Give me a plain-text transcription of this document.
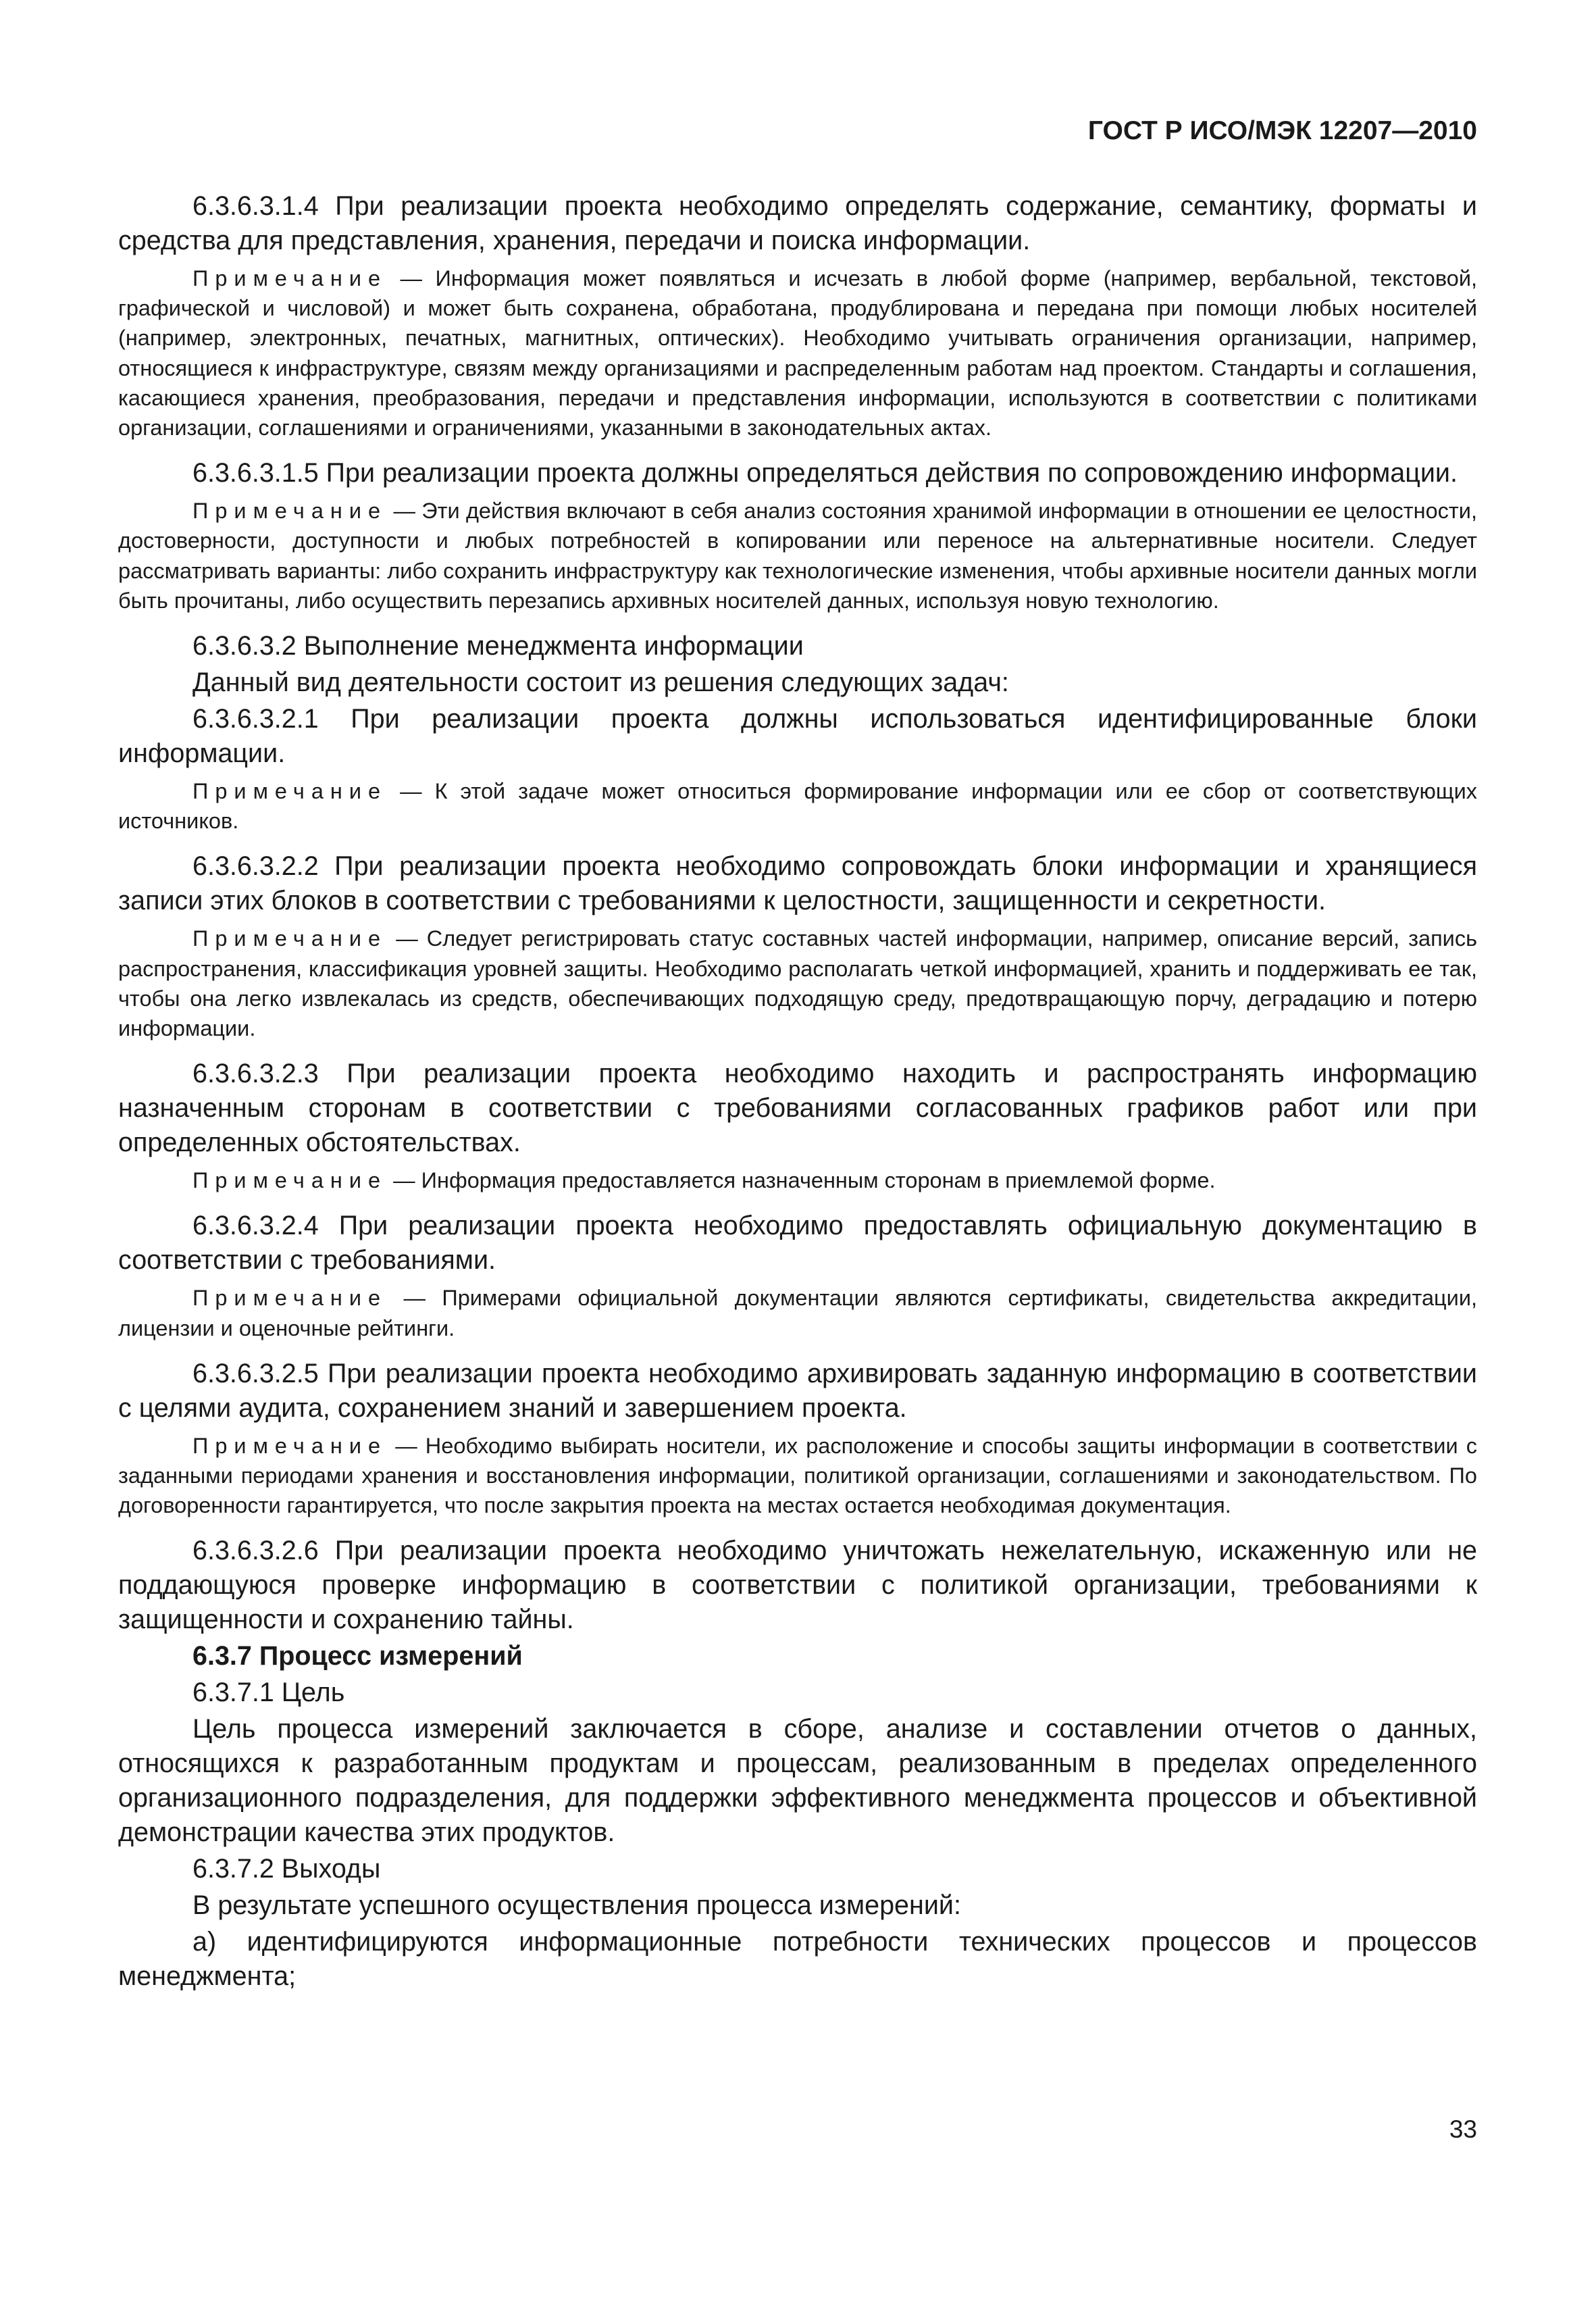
ГОСТ Р ИСО/МЭК 12207—2010

6.3.6.3.1.4 При реализации проекта необходимо определять содержание, семантику, форматы и средства для представления, хранения, передачи и поиска информации.

Примечание — Информация может появляться и исчезать в любой форме (например, вербальной, текстовой, графической и числовой) и может быть сохранена, обработана, продублирована и передана при помощи любых носителей (например, электронных, печатных, магнитных, оптических). Необходимо учитывать ограничения организации, например, относящиеся к инфраструктуре, связям между организациями и распределенным работам над проектом. Стандарты и соглашения, касающиеся хранения, преобразования, передачи и представления информации, используются в соответствии с политиками организации, соглашениями и ограничениями, указанными в законодательных актах.

6.3.6.3.1.5 При реализации проекта должны определяться действия по сопровождению информации.

Примечание — Эти действия включают в себя анализ состояния хранимой информации в отношении ее целостности, достоверности, доступности и любых потребностей в копировании или переносе на альтернативные носители. Следует рассматривать варианты: либо сохранить инфраструктуру как технологические изменения, чтобы архивные носители данных могли быть прочитаны, либо осуществить перезапись архивных носителей данных, используя новую технологию.

6.3.6.3.2 Выполнение менеджмента информации

Данный вид деятельности состоит из решения следующих задач:

6.3.6.3.2.1 При реализации проекта должны использоваться идентифицированные блоки информации.

Примечание — К этой задаче может относиться формирование информации или ее сбор от соответствующих источников.

6.3.6.3.2.2 При реализации проекта необходимо сопровождать блоки информации и хранящиеся записи этих блоков в соответствии с требованиями к целостности, защищенности и секретности.

Примечание — Следует регистрировать статус составных частей информации, например, описание версий, запись распространения, классификация уровней защиты. Необходимо располагать четкой информацией, хранить и поддерживать ее так, чтобы она легко извлекалась из средств, обеспечивающих подходящую среду, предотвращающую порчу, деградацию и потерю информации.

6.3.6.3.2.3 При реализации проекта необходимо находить и распространять информацию назначенным сторонам в соответствии с требованиями согласованных графиков работ или при определенных обстоятельствах.

Примечание — Информация предоставляется назначенным сторонам в приемлемой форме.

6.3.6.3.2.4 При реализации проекта необходимо предоставлять официальную документацию в соответствии с требованиями.

Примечание — Примерами официальной документации являются сертификаты, свидетельства аккредитации, лицензии и оценочные рейтинги.

6.3.6.3.2.5 При реализации проекта необходимо архивировать заданную информацию в соответствии с целями аудита, сохранением знаний и завершением проекта.

Примечание — Необходимо выбирать носители, их расположение и способы защиты информации в соответствии с заданными периодами хранения и восстановления информации, политикой организации, соглашениями и законодательством. По договоренности гарантируется, что после закрытия проекта на местах остается необходимая документация.

6.3.6.3.2.6 При реализации проекта необходимо уничтожать нежелательную, искаженную или не поддающуюся проверке информацию в соответствии с политикой организации, требованиями к защищенности и сохранению тайны.

6.3.7 Процесс измерений

6.3.7.1 Цель

Цель процесса измерений заключается в сборе, анализе и составлении отчетов о данных, относящихся к разработанным продуктам и процессам, реализованным в пределах определенного организационного подразделения, для поддержки эффективного менеджмента процессов и объективной демонстрации качества этих продуктов.

6.3.7.2 Выходы

В результате успешного осуществления процесса измерений:

а) идентифицируются информационные потребности технических процессов и процессов менеджмента;

33
